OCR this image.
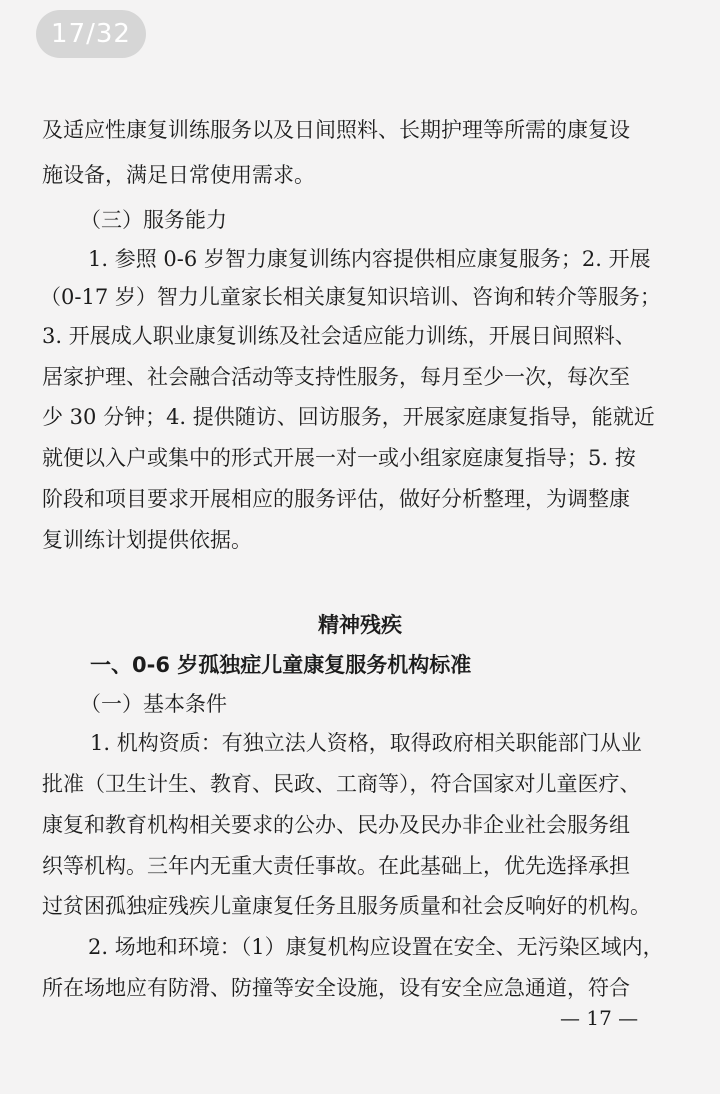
17/32
及适应性康复训练服务以及日间照料、长期护理等所需的康复设
施设备，满足日常使用需求。
（三）服务能力
1. 参照 0-6 岁智力康复训练内容提供相应康复服务；2. 开展
（0-17 岁）智力儿童家长相关康复知识培训、咨询和转介等服务；
3. 开展成人职业康复训练及社会适应能力训练，开展日间照料、
居家护理、社会融合活动等支持性服务，每月至少一次，每次至
少 30 分钟；4. 提供随访、回访服务，开展家庭康复指导，能就近
就便以入户或集中的形式开展一对一或小组家庭康复指导；5. 按
阶段和项目要求开展相应的服务评估，做好分析整理，为调整康
复训练计划提供依据。
精神残疾
一、0-6 岁孤独症儿童康复服务机构标准
（一）基本条件
1. 机构资质：有独立法人资格，取得政府相关职能部门从业
批准（卫生计生、教育、民政、工商等），符合国家对儿童医疗、
康复和教育机构相关要求的公办、民办及民办非企业社会服务组
织等机构。三年内无重大责任事故。在此基础上，优先选择承担
过贫困孤独症残疾儿童康复任务且服务质量和社会反响好的机构。
2. 场地和环境：（1）康复机构应设置在安全、无污染区域内，
所在场地应有防滑、防撞等安全设施，设有安全应急通道，符合
— 17 —
